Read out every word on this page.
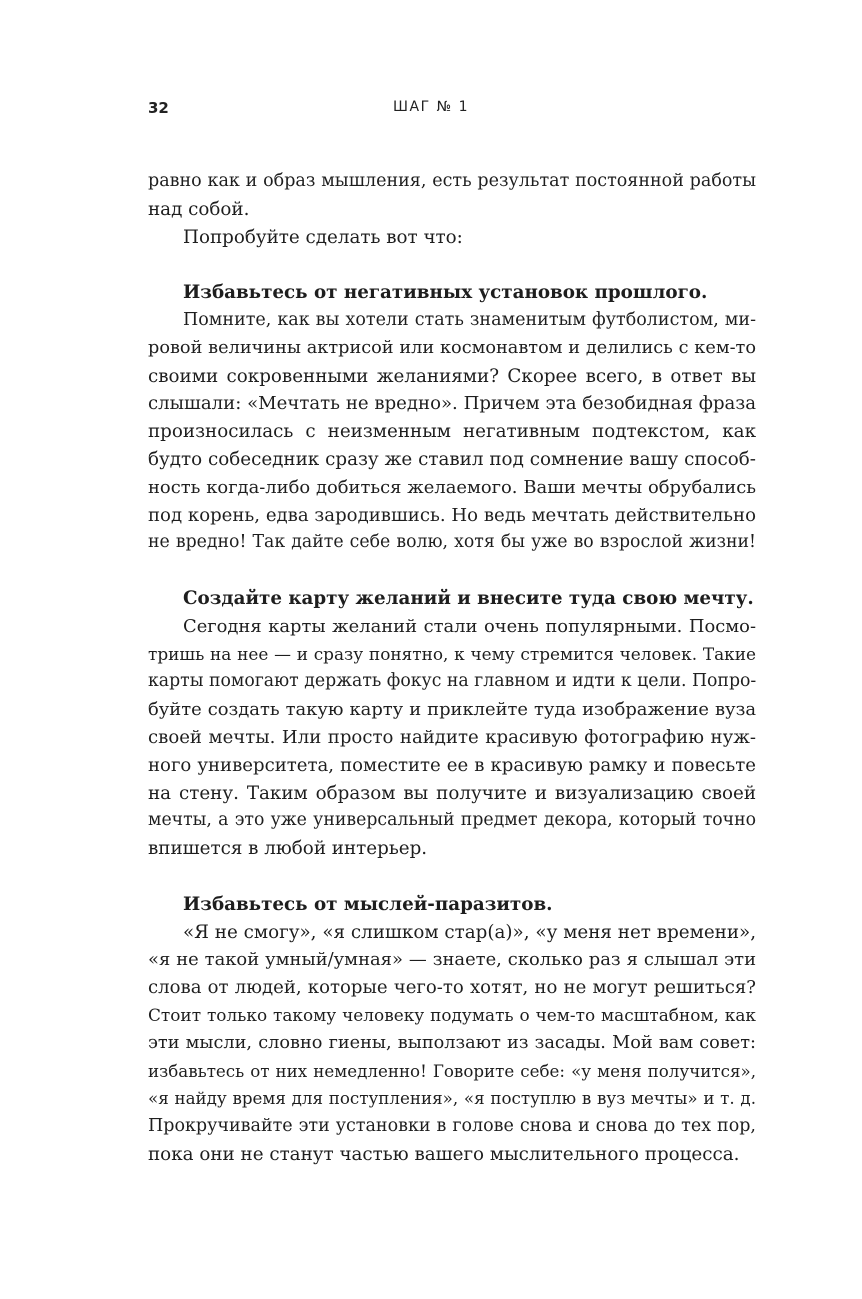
32	ШАГ № 1
равно как и образ мышления, есть результат постоянной работы
над собой.
Попробуйте сделать вот что:
Избавьтесь от негативных установок прошлого.
Помните, как вы хотели стать знаменитым футболистом, ми-
ровой величины актрисой или космонавтом и делились с кем-то
своими сокровенными желаниями? Скорее всего, в ответ вы
слышали: «Мечтать не вредно». Причем эта безобидная фраза
произносилась с неизменным негативным подтекстом, как
будто собеседник сразу же ставил под сомнение вашу способ-
ность когда-либо добиться желаемого. Ваши мечты обрубались
под корень, едва зародившись. Но ведь мечтать действительно
не вредно! Так дайте себе волю, хотя бы уже во взрослой жизни!
Создайте карту желаний и внесите туда свою мечту.
Сегодня карты желаний стали очень популярными. Посмо-
тришь на нее — и сразу понятно, к чему стремится человек. Такие
карты помогают держать фокус на главном и идти к цели. Попро-
буйте создать такую карту и приклейте туда изображение вуза
своей мечты. Или просто найдите красивую фотографию нуж-
ного университета, поместите ее в красивую рамку и повесьте
на стену. Таким образом вы получите и визуализацию своей
мечты, а это уже универсальный предмет декора, который точно
впишется в любой интерьер.
Избавьтесь от мыслей-паразитов.
«Я не смогу», «я слишком стар(а)», «у меня нет времени»,
«я не такой умный/умная» — знаете, сколько раз я слышал эти
слова от людей, которые чего-то хотят, но не могут решиться?
Стоит только такому человеку подумать о чем-то масштабном, как
эти мысли, словно гиены, выползают из засады. Мой вам совет:
избавьтесь от них немедленно! Говорите себе: «у меня получится»,
«я найду время для поступления», «я поступлю в вуз мечты» и т. д.
Прокручивайте эти установки в голове снова и снова до тех пор,
пока они не станут частью вашего мыслительного процесса.
